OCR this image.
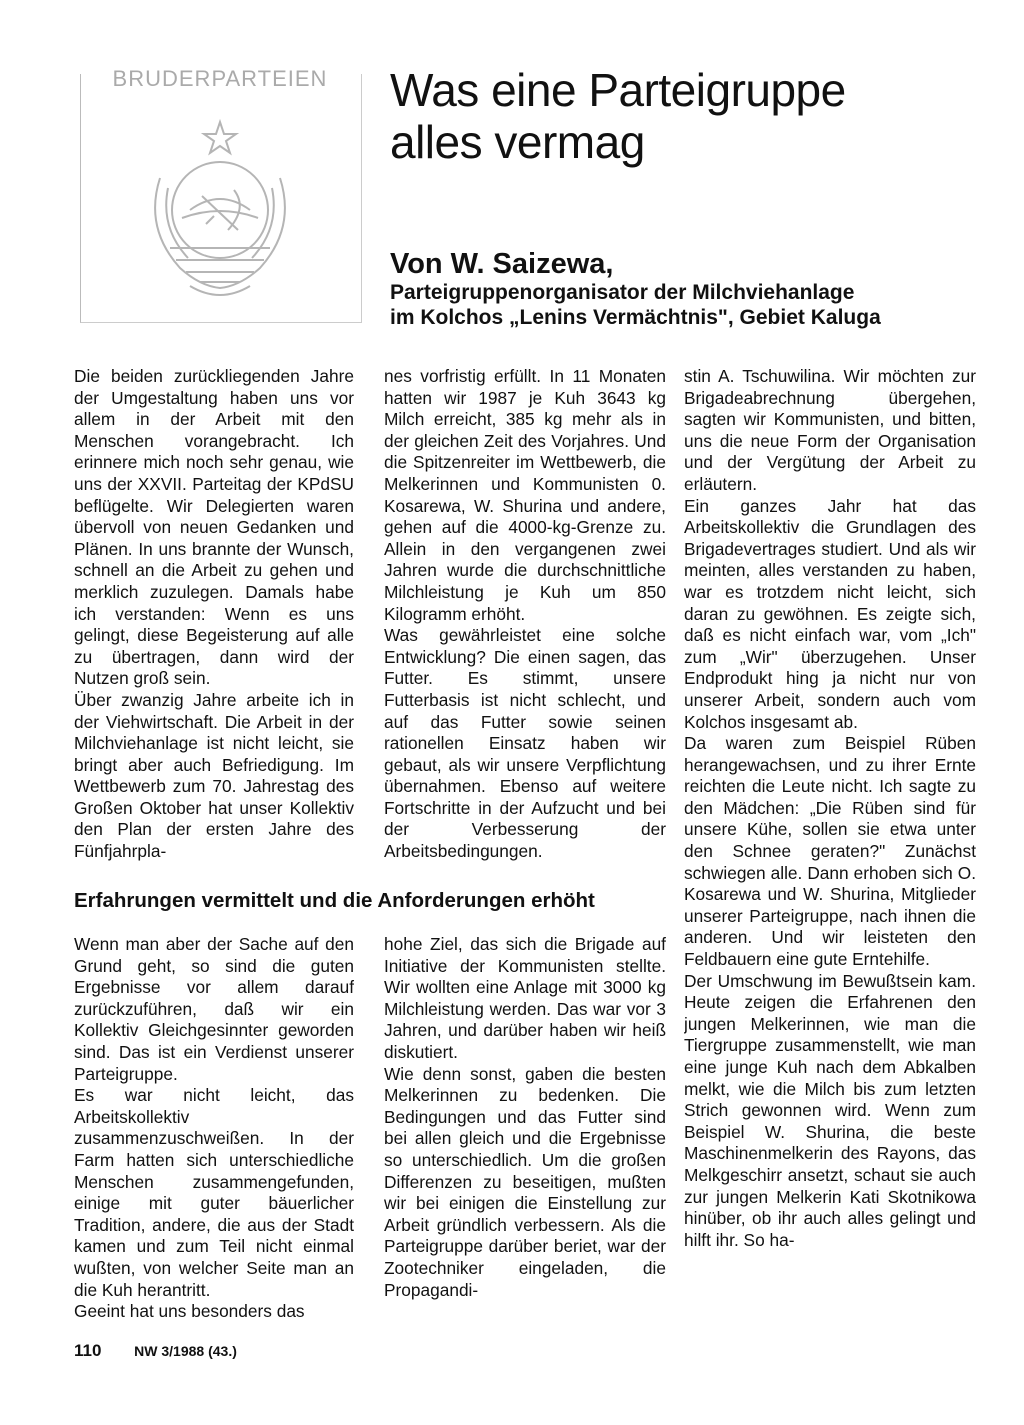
BRUDERPARTEIEN	Was eine Parteigruppe alles vermag
Von W. Saizewa,
Parteigruppenorganisator der Milchviehanlage
im Kolchos „Lenins Vermächtnis", Gebiet Kaluga
Die beiden zurückliegenden Jahre der Umgestaltung haben uns vor allem in der Arbeit mit den Menschen vorangebracht. Ich erinnere mich noch sehr genau, wie uns der XXVII. Parteitag der KPdSU beflügelte. Wir Delegierten waren übervoll von neuen Gedanken und Plänen. In uns brannte der Wunsch, schnell an die Arbeit zu gehen und merklich zuzulegen. Damals habe ich verstanden: Wenn es uns gelingt, diese Begeisterung auf alle zu übertragen, dann wird der Nutzen groß sein.
Über zwanzig Jahre arbeite ich in der Viehwirtschaft. Die Arbeit in der Milchviehanlage ist nicht leicht, sie bringt aber auch Befriedigung. Im Wettbewerb zum 70. Jahrestag des Großen Oktober hat unser Kollektiv den Plan der ersten Jahre des Fünfjahrpla-
nes vorfristig erfüllt. In 11 Monaten hatten wir 1987 je Kuh 3643 kg Milch erreicht, 385 kg mehr als in der gleichen Zeit des Vorjahres. Und die Spitzenreiter im Wettbewerb, die Melkerinnen und Kommunisten 0. Kosarewa, W. Shurina und andere, gehen auf die 4000-kg-Grenze zu. Allein in den vergangenen zwei Jahren wurde die durchschnittliche Milchleistung je Kuh um 850 Kilogramm erhöht.
Was gewährleistet eine solche Entwicklung? Die einen sagen, das Futter. Es stimmt, unsere Futterbasis ist nicht schlecht, und auf das Futter sowie seinen rationellen Einsatz haben wir gebaut, als wir unsere Verpflichtung übernahmen. Ebenso auf weitere Fortschritte in der Aufzucht und bei der Verbesserung der Arbeitsbedingungen.
stin A. Tschuwilina. Wir möchten zur Brigadeabrechnung übergehen, sagten wir Kommunisten, und bitten, uns die neue Form der Organisation und der Vergütung der Arbeit zu erläutern.
Ein ganzes Jahr hat das Arbeitskollektiv die Grundlagen des Brigadevertrages studiert. Und als wir meinten, alles verstanden zu haben, war es trotzdem nicht leicht, sich daran zu gewöhnen. Es zeigte sich, daß es nicht einfach war, vom „Ich" zum „Wir" überzugehen. Unser Endprodukt hing ja nicht nur von unserer Arbeit, sondern auch vom Kolchos insgesamt ab.
Da waren zum Beispiel Rüben herangewachsen, und zu ihrer Ernte reichten die Leute nicht. Ich sagte zu den Mädchen: „Die Rüben sind für unsere Kühe, sollen sie etwa unter den Schnee geraten?" Zunächst schwiegen alle. Dann erhoben sich O. Kosarewa und W. Shurina, Mitglieder unserer Parteigruppe, nach ihnen die anderen. Und wir leisteten den Feldbauern eine gute Erntehilfe.
Der Umschwung im Bewußtsein kam. Heute zeigen die Erfahrenen den jungen Melkerinnen, wie man die Tiergruppe zusammenstellt, wie man eine junge Kuh nach dem Abkalben melkt, wie die Milch bis zum letzten Strich gewonnen wird. Wenn zum Beispiel W. Shurina, die beste Maschinenmelkerin des Rayons, das Melkgeschirr ansetzt, schaut sie auch zur jungen Melkerin Kati Skotnikowa hinüber, ob ihr auch alles gelingt und hilft ihr. So ha-
Erfahrungen vermittelt und die Anforderungen erhöht
Wenn man aber der Sache auf den Grund geht, so sind die guten Ergebnisse vor allem darauf zurückzuführen, daß wir ein Kollektiv Gleichgesinnter geworden sind. Das ist ein Verdienst unserer Parteigruppe.
Es war nicht leicht, das Arbeitskollektiv zusammenzuschweißen. In der Farm hatten sich unterschiedliche Menschen zusammengefunden, einige mit guter bäuerlicher Tradition, andere, die aus der Stadt kamen und zum Teil nicht einmal wußten, von welcher Seite man an die Kuh herantritt.
Geeint hat uns besonders das
hohe Ziel, das sich die Brigade auf Initiative der Kommunisten stellte. Wir wollten eine Anlage mit 3000 kg Milchleistung werden. Das war vor 3 Jahren, und darüber haben wir heiß diskutiert.
Wie denn sonst, gaben die besten Melkerinnen zu bedenken. Die Bedingungen und das Futter sind bei allen gleich und die Ergebnisse so unterschiedlich. Um die großen Differenzen zu beseitigen, mußten wir bei einigen die Einstellung zur Arbeit gründlich verbessern. Als die Parteigruppe darüber beriet, war der Zootechniker eingeladen, die Propagandi-
110 NW 3/1988 (43.)
